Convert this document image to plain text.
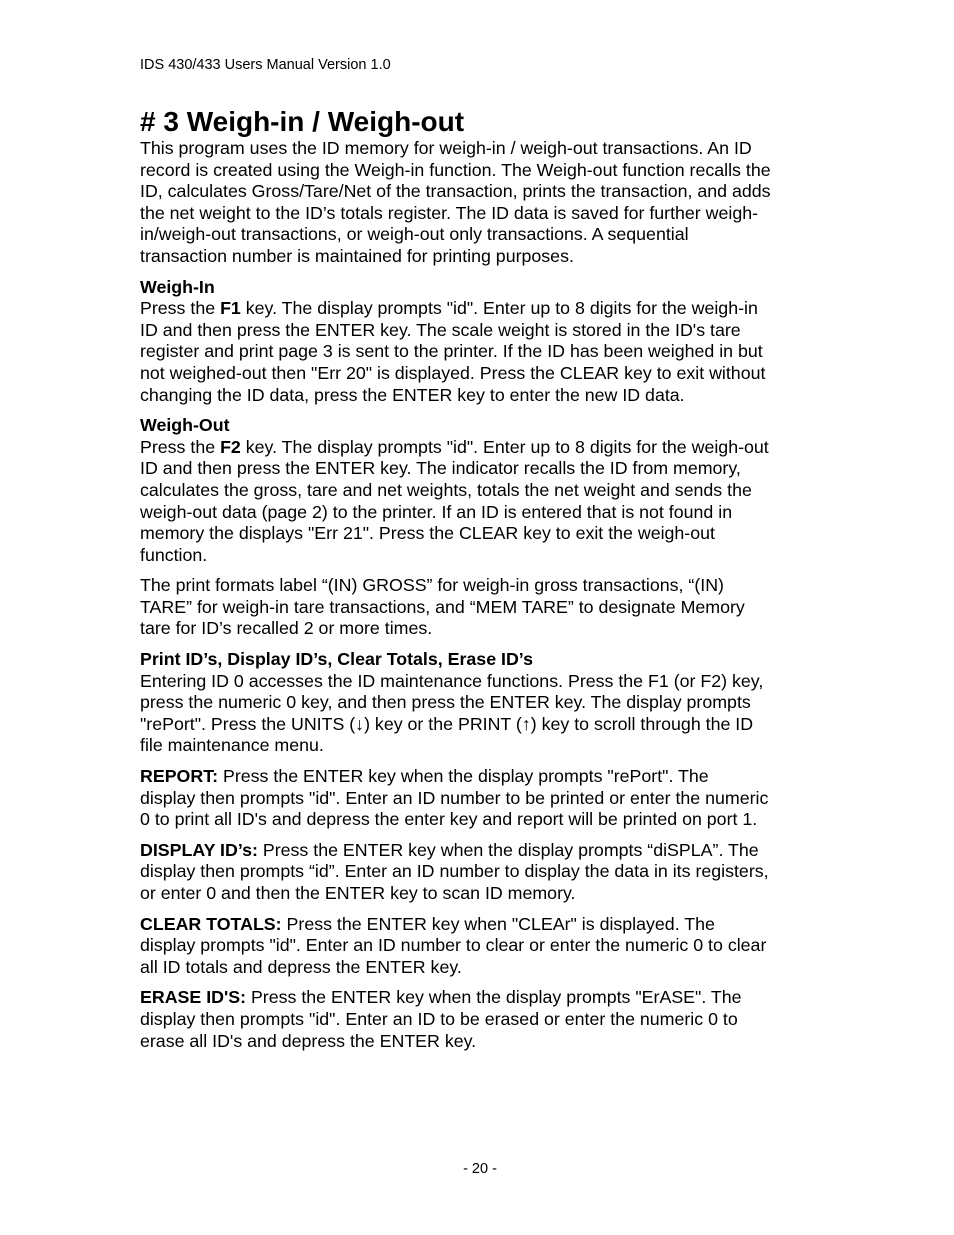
IDS 430/433 Users Manual Version 1.0
# 3 Weigh-in / Weigh-out

This program uses the ID memory for weigh-in / weigh-out transactions. An ID
record is created using the Weigh-in function. The Weigh-out function recalls the
ID, calculates Gross/Tare/Net of the transaction, prints the transaction, and adds
the net weight to the ID’s totals register. The ID data is saved for further weigh-
in/weigh-out transactions, or weigh-out only transactions. A sequential
transaction number is maintained for printing purposes.

Weigh-In
Press the F1 key. The display prompts "id". Enter up to 8 digits for the weigh-in
ID and then press the ENTER key. The scale weight is stored in the ID's tare
register and print page 3 is sent to the printer. If the ID has been weighed in but
not weighed-out then "Err 20" is displayed. Press the CLEAR key to exit without
changing the ID data, press the ENTER key to enter the new ID data.

Weigh-Out
Press the F2 key. The display prompts "id". Enter up to 8 digits for the weigh-out
ID and then press the ENTER key. The indicator recalls the ID from memory,
calculates the gross, tare and net weights, totals the net weight and sends the
weigh-out data (page 2) to the printer. If an ID is entered that is not found in
memory the displays "Err 21". Press the CLEAR key to exit the weigh-out
function.

The print formats label “(IN) GROSS” for weigh-in gross transactions, “(IN)
TARE” for weigh-in tare transactions, and “MEM TARE” to designate Memory
tare for ID’s recalled 2 or more times.

Print ID’s, Display ID’s, Clear Totals, Erase ID’s
Entering ID 0 accesses the ID maintenance functions. Press the F1 (or F2) key,
press the numeric 0 key, and then press the ENTER key. The display prompts
"rePort". Press the UNITS (↓) key or the PRINT (↑) key to scroll through the ID
file maintenance menu.

REPORT: Press the ENTER key when the display prompts "rePort". The
display then prompts "id". Enter an ID number to be printed or enter the numeric
0 to print all ID's and depress the enter key and report will be printed on port 1.

DISPLAY ID’s: Press the ENTER key when the display prompts “diSPLA”. The
display then prompts “id”. Enter an ID number to display the data in its registers,
or enter 0 and then the ENTER key to scan ID memory.

CLEAR TOTALS: Press the ENTER key when "CLEAr" is displayed. The
display prompts "id". Enter an ID number to clear or enter the numeric 0 to clear
all ID totals and depress the ENTER key.

ERASE ID'S: Press the ENTER key when the display prompts "ErASE". The
display then prompts "id". Enter an ID to be erased or enter the numeric 0 to
erase all ID's and depress the ENTER key.

- 20 -
